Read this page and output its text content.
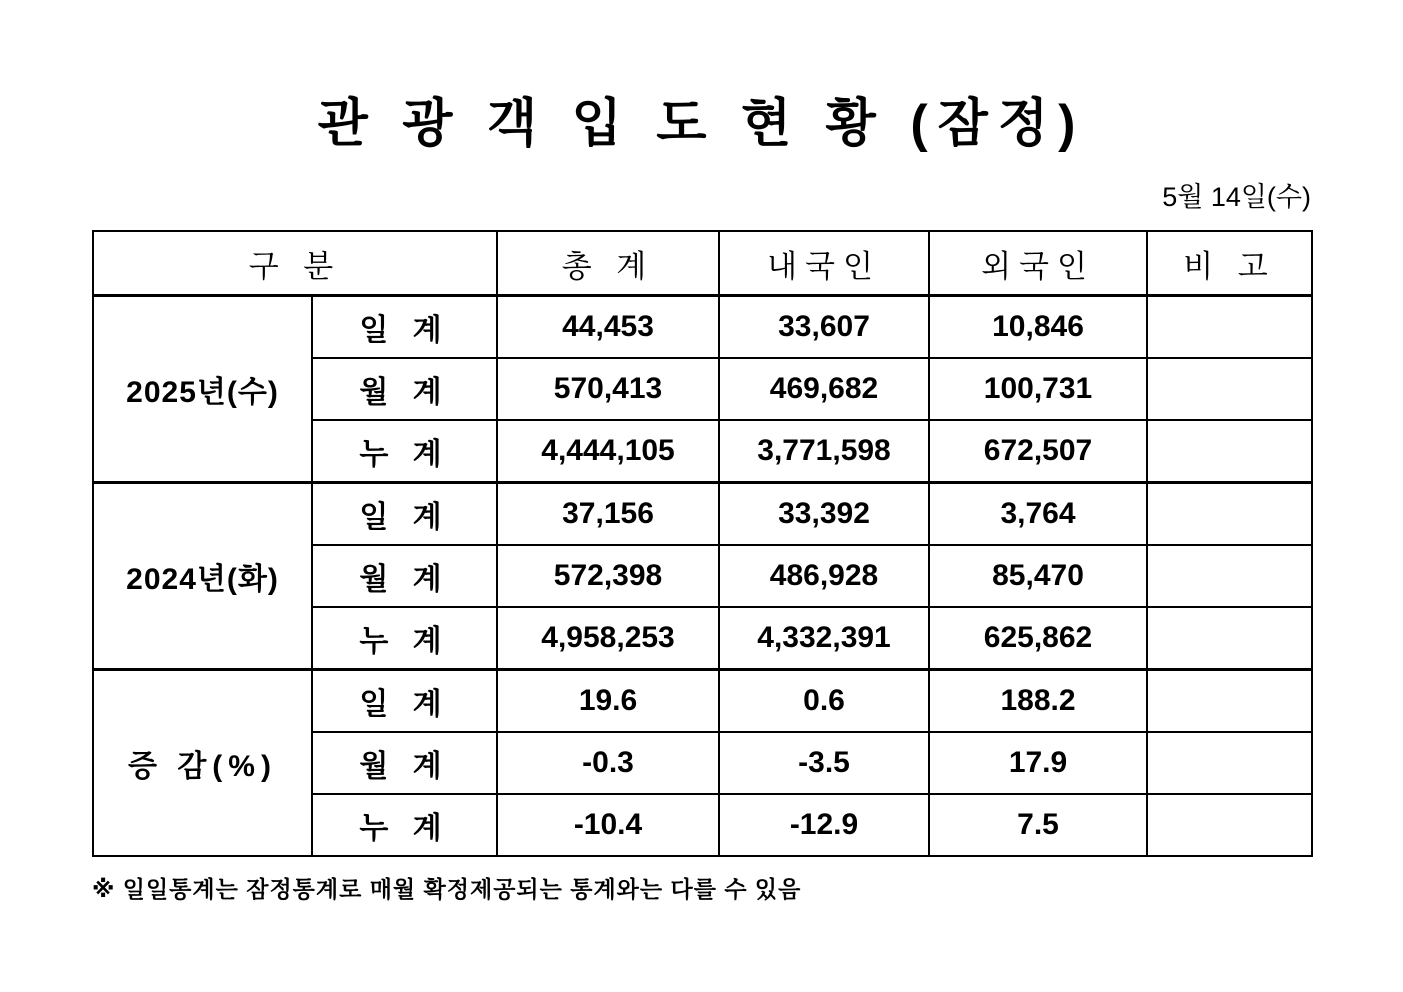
관 광 객 입 도 현 황 (잠정)
5월 14일(수)
구 분		총 계	내국인	외국인	비 고
2025년(수)	일 계	44,453	33,607	10,846	
	월 계	570,413	469,682	100,731	
	누 계	4,444,105	3,771,598	672,507	
2024년(화)	일 계	37,156	33,392	3,764	
	월 계	572,398	486,928	85,470	
	누 계	4,958,253	4,332,391	625,862	
증 감(%)	일 계	19.6	0.6	188.2	
	월 계	-0.3	-3.5	17.9	
	누 계	-10.4	-12.9	7.5	
※ 일일통계는 잠정통계로 매월 확정제공되는 통계와는 다를 수 있음
